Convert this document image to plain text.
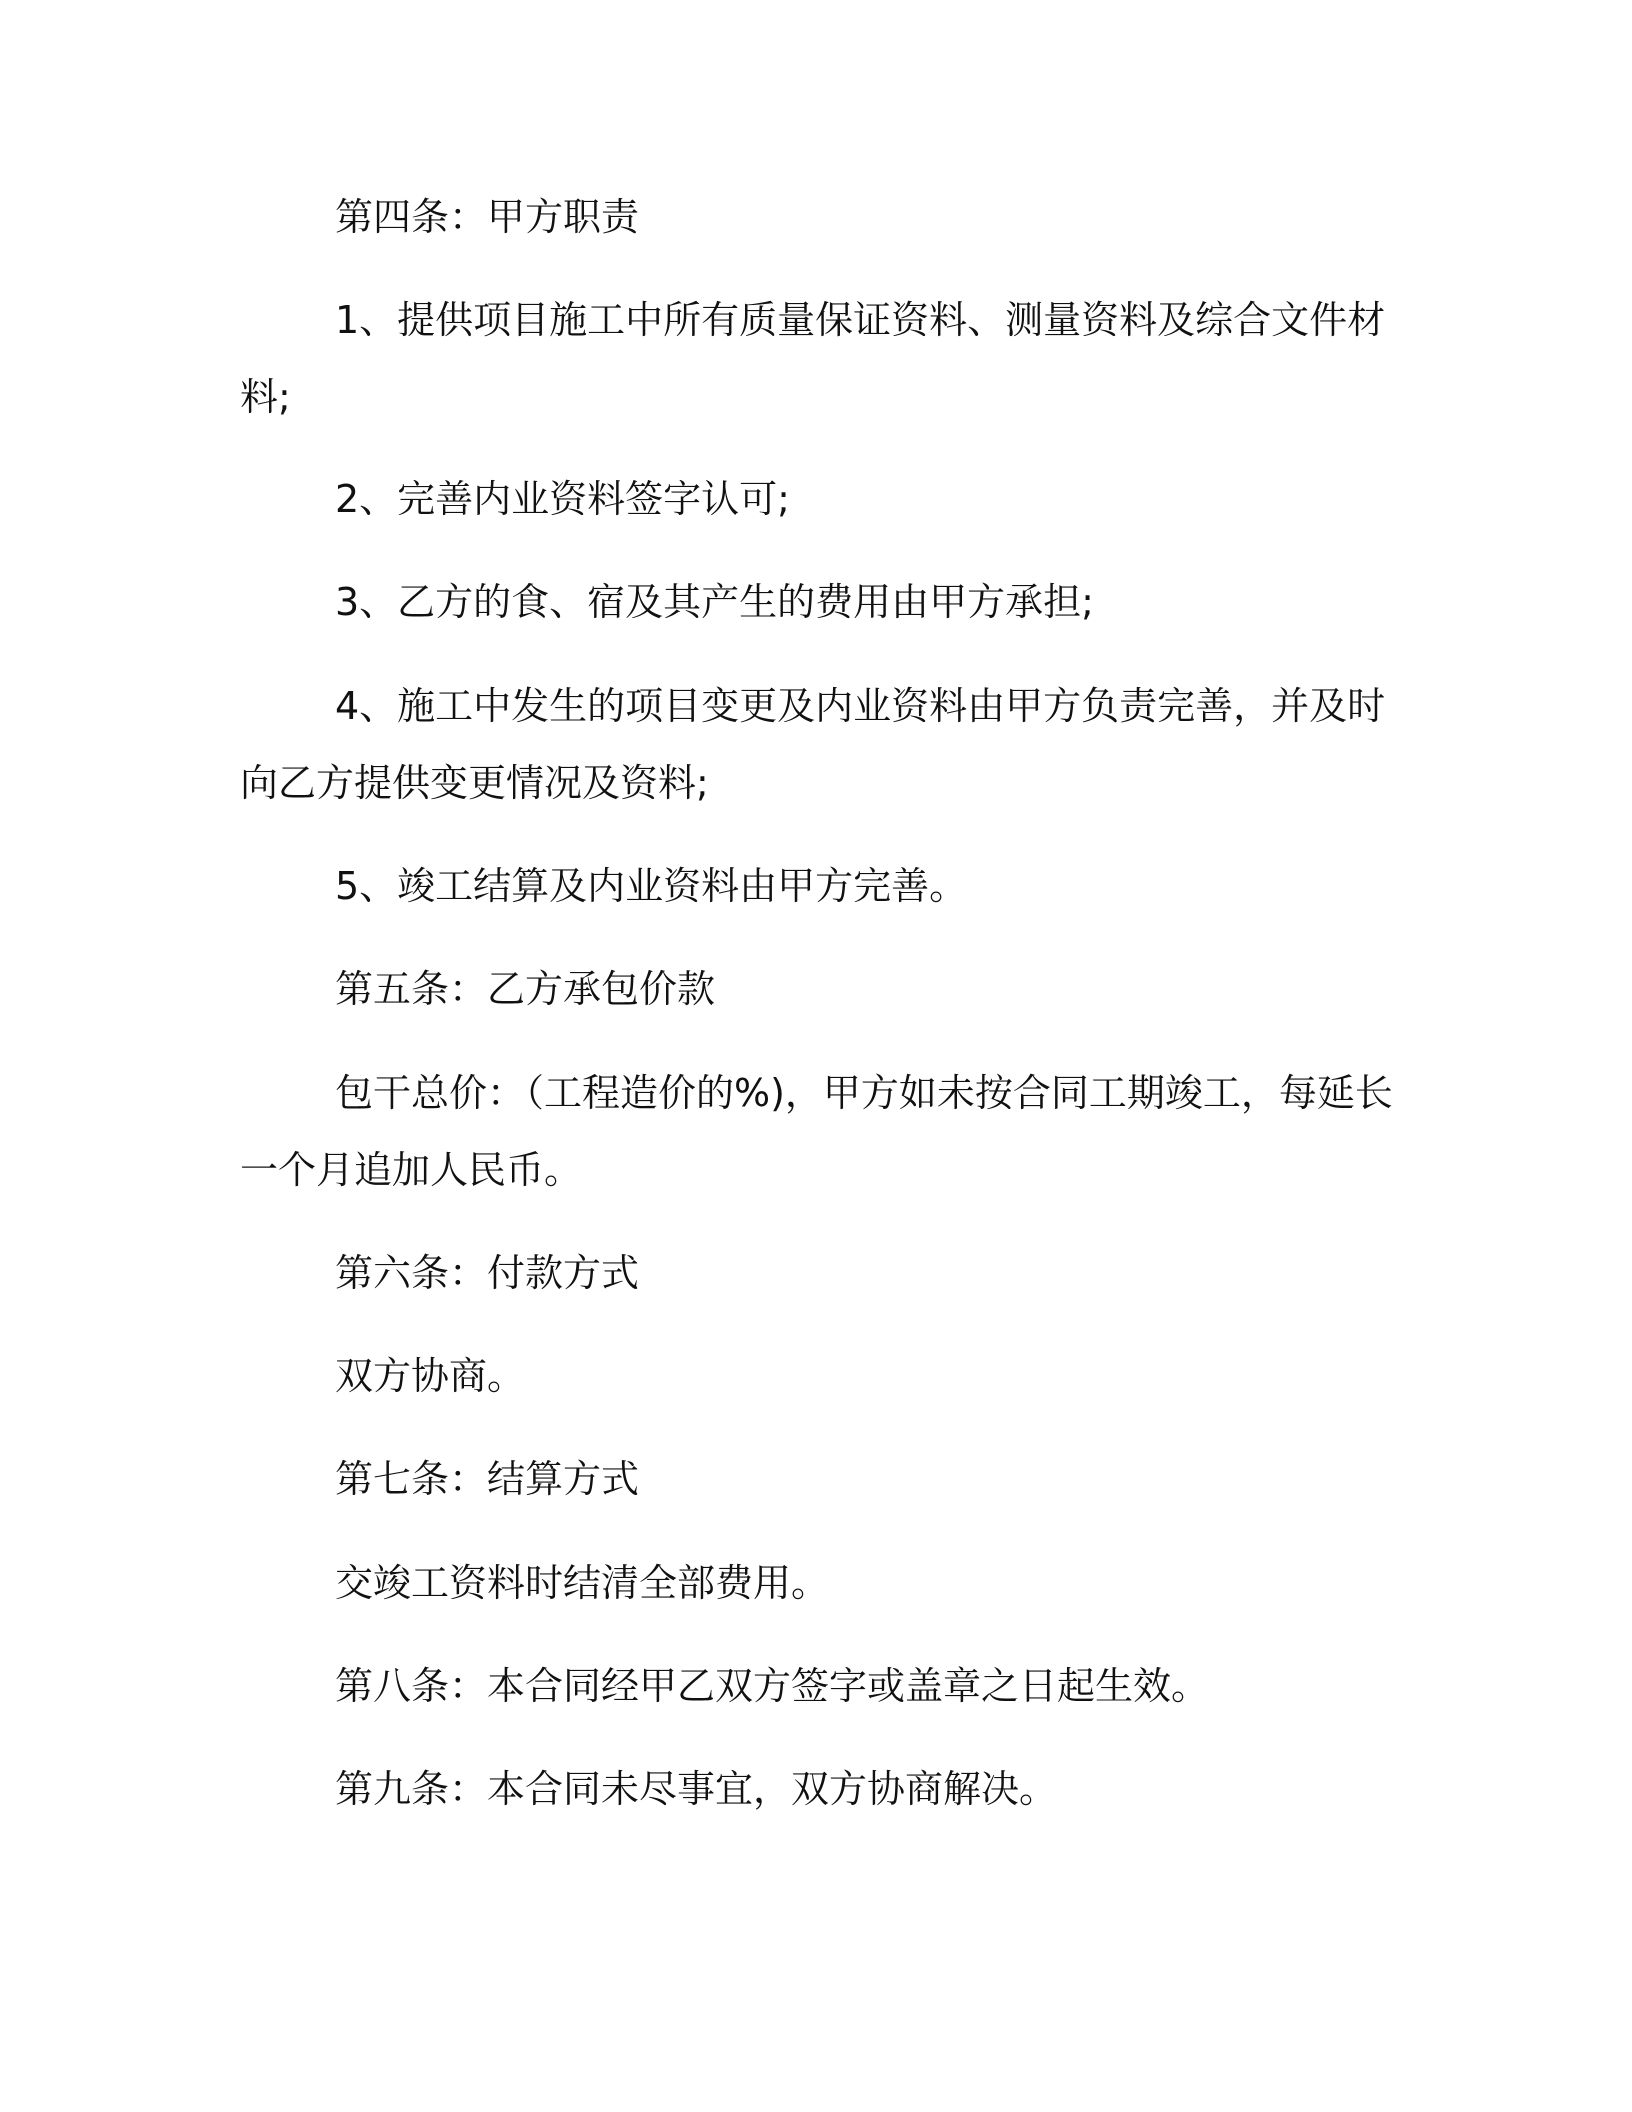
第四条：甲方职责
1、提供项目施工中所有质量保证资料、测量资料及综合文件材
料;
2、完善内业资料签字认可;
3、乙方的食、宿及其产生的费用由甲方承担;
4、施工中发生的项目变更及内业资料由甲方负责完善，并及时
向乙方提供变更情况及资料;
5、竣工结算及内业资料由甲方完善。
第五条：乙方承包价款
包干总价：（工程造价的%)，甲方如未按合同工期竣工，每延长
一个月追加人民币。
第六条：付款方式
双方协商。
第七条：结算方式
交竣工资料时结清全部费用。
第八条：本合同经甲乙双方签字或盖章之日起生效。
第九条：本合同未尽事宜，双方协商解决。
